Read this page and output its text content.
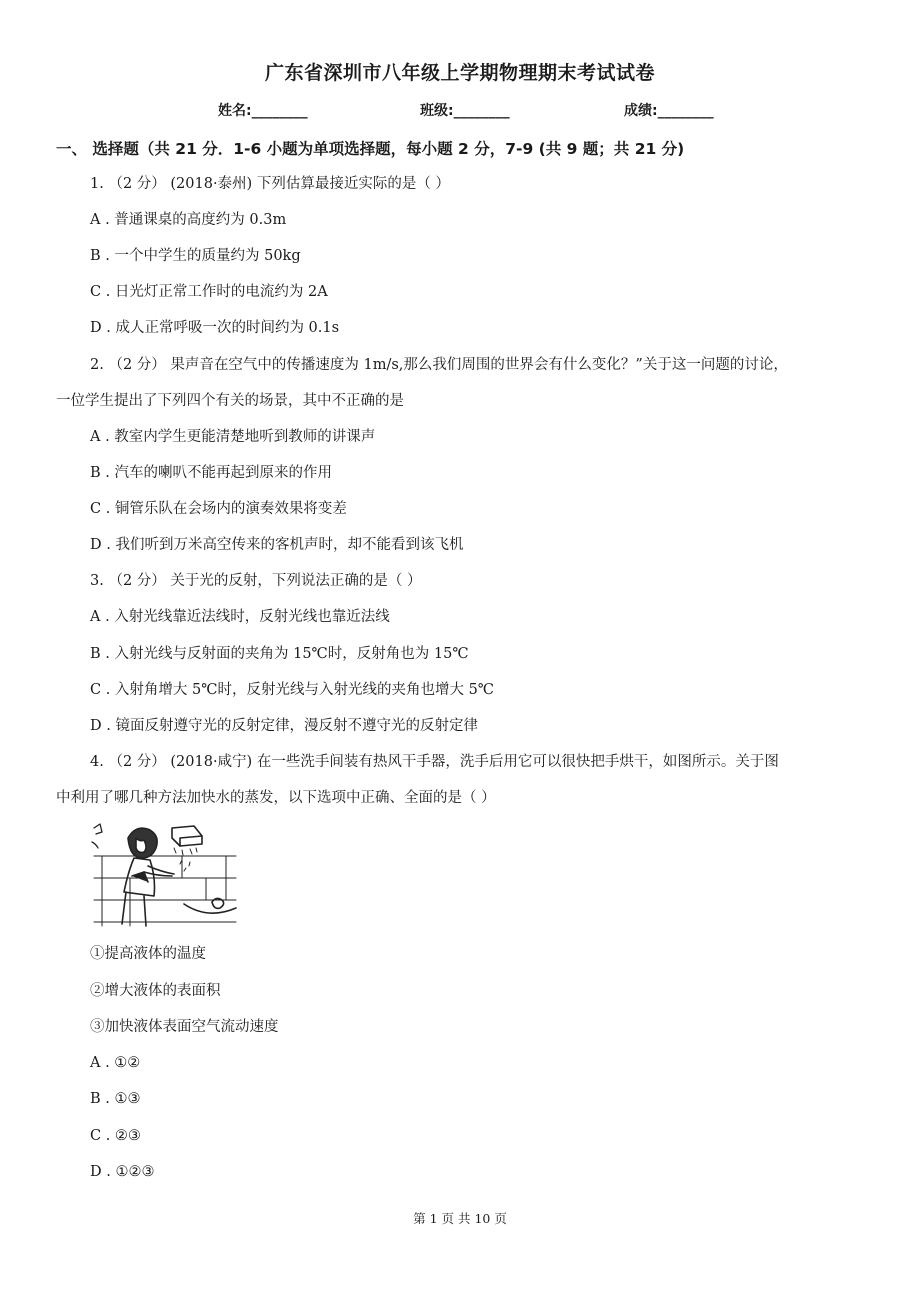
广东省深圳市八年级上学期物理期末考试试卷
姓名:________	班级:________	成绩:________
一、 选择题（共 21 分．1-6 小题为单项选择题，每小题 2 分，7-9 (共 9 题；共 21 分)
1. （2 分） (2018·泰州) 下列估算最接近实际的是（ ）
A . 普通课桌的高度约为 0.3m
B . 一个中学生的质量约为 50kg
C . 日光灯正常工作时的电流约为 2A
D . 成人正常呼吸一次的时间约为 0.1s
2. （2 分） 果声音在空气中的传播速度为 1m/s,那么我们周围的世界会有什么变化？”关于这一问题的讨论，
一位学生提出了下列四个有关的场景，其中不正确的是
A . 教室内学生更能清楚地听到教师的讲课声
B . 汽车的喇叭不能再起到原来的作用
C . 铜管乐队在会场内的演奏效果将变差
D . 我们听到万米高空传来的客机声时，却不能看到该飞机
3. （2 分） 关于光的反射，下列说法正确的是（ ）
A . 入射光线靠近法线时，反射光线也靠近法线
B . 入射光线与反射面的夹角为 15℃时，反射角也为 15℃
C . 入射角增大 5℃时，反射光线与入射光线的夹角也增大 5℃
D . 镜面反射遵守光的反射定律，漫反射不遵守光的反射定律
4. （2 分） (2018·咸宁) 在一些洗手间装有热风干手器，洗手后用它可以很快把手烘干，如图所示。关于图
中利用了哪几种方法加快水的蒸发，以下选项中正确、全面的是（ ）
①提高液体的温度
②增大液体的表面积
③加快液体表面空气流动速度
A . ①②
B . ①③
C . ②③
D . ①②③
第 1 页 共 10 页
